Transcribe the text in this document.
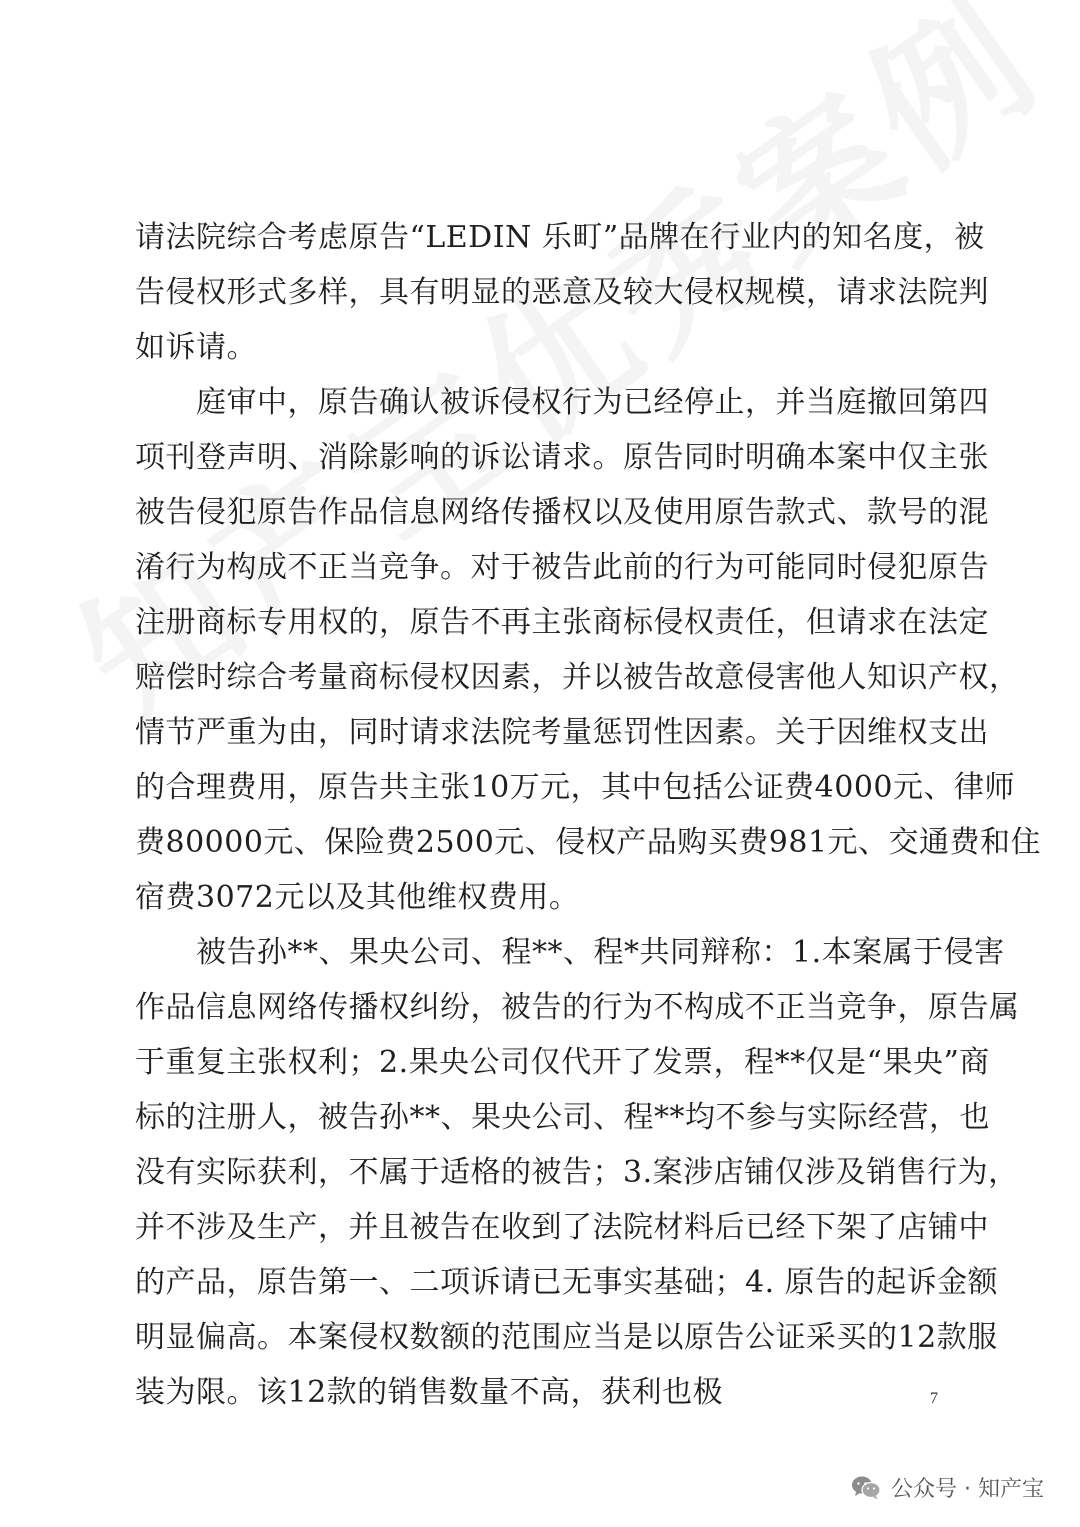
请法院综合考虑原告“LEDIN 乐町”品牌在行业内的知名度，被
告侵权形式多样，具有明显的恶意及较大侵权规模，请求法院判
如诉请。
　　庭审中，原告确认被诉侵权行为已经停止，并当庭撤回第四
项刊登声明、消除影响的诉讼请求。原告同时明确本案中仅主张
被告侵犯原告作品信息网络传播权以及使用原告款式、款号的混
淆行为构成不正当竞争。对于被告此前的行为可能同时侵犯原告
注册商标专用权的，原告不再主张商标侵权责任，但请求在法定
赔偿时综合考量商标侵权因素，并以被告故意侵害他人知识产权，
情节严重为由，同时请求法院考量惩罚性因素。关于因维权支出
的合理费用，原告共主张10万元，其中包括公证费4000元、律师
费80000元、保险费2500元、侵权产品购买费981元、交通费和住
宿费3072元以及其他维权费用。
　　被告孙**、果央公司、程**、程*共同辩称：1.本案属于侵害
作品信息网络传播权纠纷，被告的行为不构成不正当竞争，原告属
于重复主张权利；2.果央公司仅代开了发票，程**仅是“果央”商
标的注册人，被告孙**、果央公司、程**均不参与实际经营，也
没有实际获利，不属于适格的被告；3.案涉店铺仅涉及销售行为，
并不涉及生产，并且被告在收到了法院材料后已经下架了店铺中
的产品，原告第一、二项诉请已无事实基础；4. 原告的起诉金额
明显偏高。本案侵权数额的范围应当是以原告公证采买的12款服
装为限。该12款的销售数量不高，获利也极	7
公众号 · 知产宝
